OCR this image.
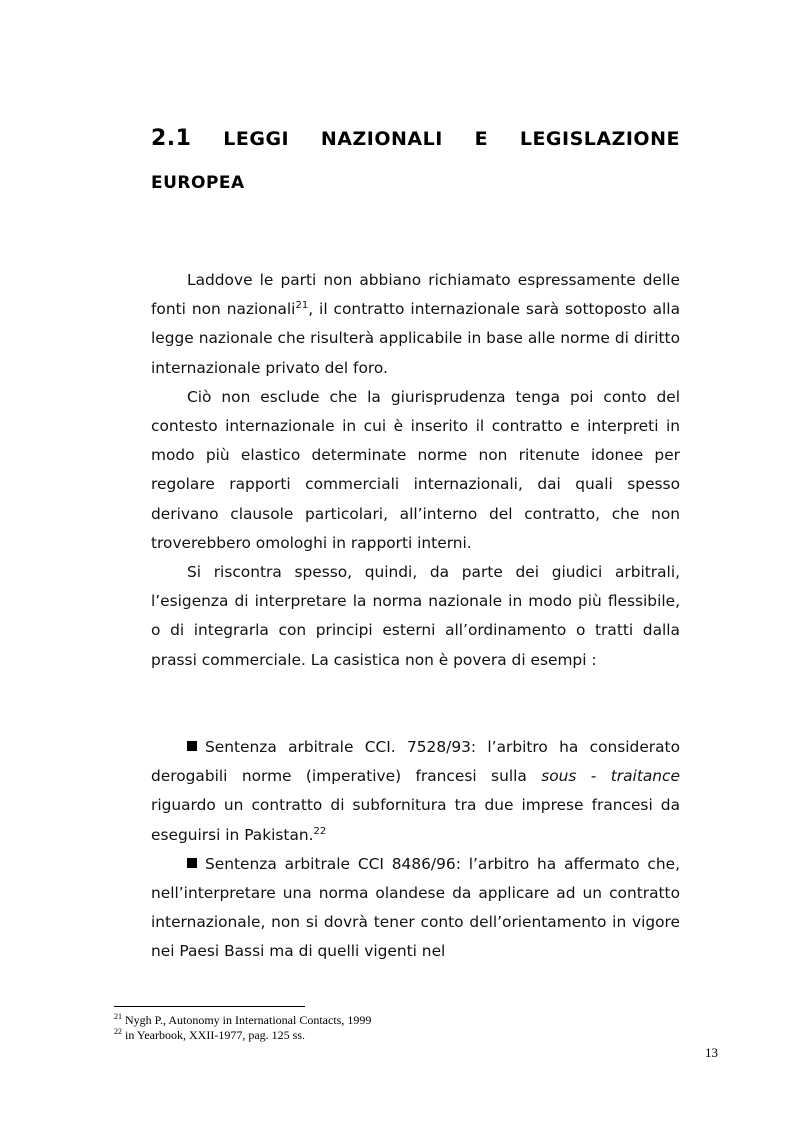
2.1 LEGGI NAZIONALI E LEGISLAZIONE
EUROPEA

Laddove le parti non abbiano richiamato espressamente delle fonti non nazionali$^{21}$, il contratto internazionale sarà sottoposto alla legge nazionale che risulterà applicabile in base alle norme di diritto internazionale privato del foro.

Ciò non esclude che la giurisprudenza tenga poi conto del contesto internazionale in cui è inserito il contratto e interpreti in modo più elastico determinate norme non ritenute idonee per regolare rapporti commerciali internazionali, dai quali spesso derivano clausole particolari, all’interno del contratto, che non troverebbero omologhi in rapporti interni.

Si riscontra spesso, quindi, da parte dei giudici arbitrali, l’esigenza di interpretare la norma nazionale in modo più flessibile, o di integrarla con principi esterni all’ordinamento o tratti dalla prassi commerciale. La casistica non è povera di esempi :

Sentenza arbitrale CCI. 7528/93: l’arbitro ha considerato derogabili norme (imperative) francesi sulla sous - traitance riguardo un contratto di subfornitura tra due imprese francesi da eseguirsi in Pakistan.$^{22}$

Sentenza arbitrale CCI 8486/96: l’arbitro ha affermato che, nell’interpretare una norma olandese da applicare ad un contratto internazionale, non si dovrà tener conto dell’orientamento in vigore nei Paesi Bassi ma di quelli vigenti nel

$^{21}$ Nygh P., Autonomy in International Contacts, 1999
$^{22}$ in Yearbook, XXII-1977, pag. 125 ss.
13
